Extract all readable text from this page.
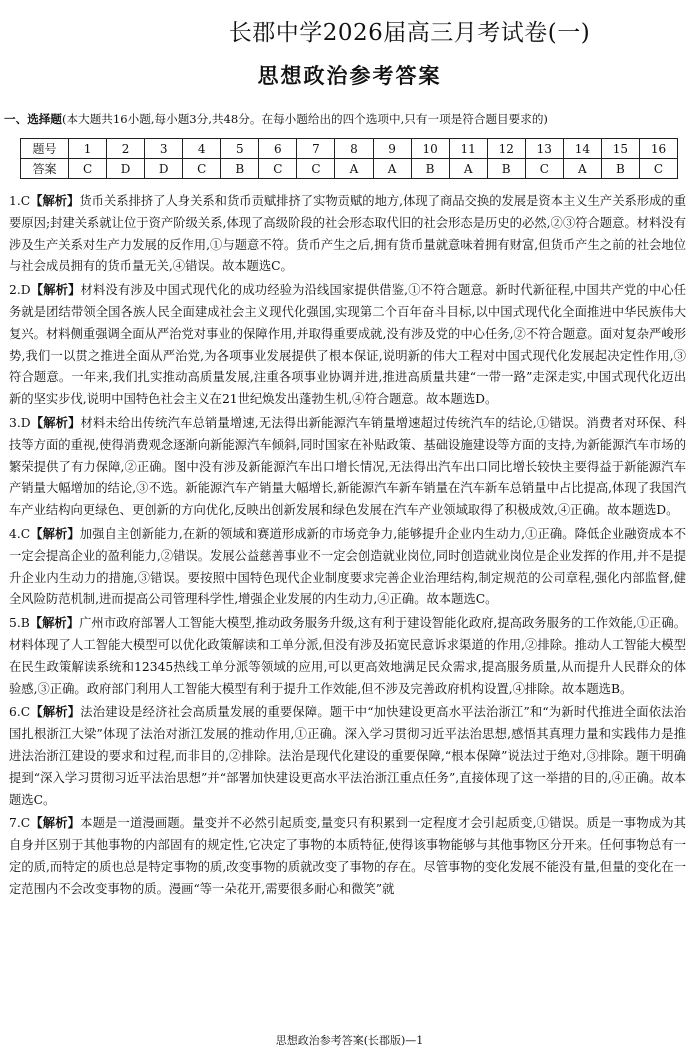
长郡中学2026届高三月考试卷(一)
思想政治参考答案
一、选择题(本大题共16小题,每小题3分,共48分。在每小题给出的四个选项中,只有一项是符合题目要求的)
题号	1	2	3	4	5	6	7	8	9	10	11	12	13	14	15	16
答案	C	D	D	C	B	C	C	A	A	B	A	B	C	A	B	C
1.C【解析】货币关系排挤了人身关系和货币贡赋排挤了实物贡赋的地方,体现了商品交换的发展是资本主义生产关系形成的重要原因;封建关系就让位于资产阶级关系,体现了高级阶段的社会形态取代旧的社会形态是历史的必然,②③符合题意。材料没有涉及生产关系对生产力发展的反作用,①与题意不符。货币产生之后,拥有货币量就意味着拥有财富,但货币产生之前的社会地位与社会成员拥有的货币量无关,④错误。故本题选C。
2.D【解析】材料没有涉及中国式现代化的成功经验为沿线国家提供借鉴,①不符合题意。新时代新征程,中国共产党的中心任务就是团结带领全国各族人民全面建成社会主义现代化强国,实现第二个百年奋斗目标,以中国式现代化全面推进中华民族伟大复兴。材料侧重强调全面从严治党对事业的保障作用,并取得重要成就,没有涉及党的中心任务,②不符合题意。面对复杂严峻形势,我们一以贯之推进全面从严治党,为各项事业发展提供了根本保证,说明新的伟大工程对中国式现代化发展起决定性作用,③符合题意。一年来,我们扎实推动高质量发展,注重各项事业协调并进,推进高质量共建“一带一路”走深走实,中国式现代化迈出新的坚实步伐,说明中国特色社会主义在21世纪焕发出蓬勃生机,④符合题意。故本题选D。
3.D【解析】材料未给出传统汽车总销量增速,无法得出新能源汽车销量增速超过传统汽车的结论,①错误。消费者对环保、科技等方面的重视,使得消费观念逐渐向新能源汽车倾斜,同时国家在补贴政策、基础设施建设等方面的支持,为新能源汽车市场的繁荣提供了有力保障,②正确。图中没有涉及新能源汽车出口增长情况,无法得出汽车出口同比增长较快主要得益于新能源汽车产销量大幅增加的结论,③不选。新能源汽车产销量大幅增长,新能源汽车新车销量在汽车新车总销量中占比提高,体现了我国汽车产业结构向更绿色、更创新的方向优化,反映出创新发展和绿色发展在汽车产业领域取得了积极成效,④正确。故本题选D。
4.C【解析】加强自主创新能力,在新的领域和赛道形成新的市场竞争力,能够提升企业内生动力,①正确。降低企业融资成本不一定会提高企业的盈利能力,②错误。发展公益慈善事业不一定会创造就业岗位,同时创造就业岗位是企业发挥的作用,并不是提升企业内生动力的措施,③错误。要按照中国特色现代企业制度要求完善企业治理结构,制定规范的公司章程,强化内部监督,健全风险防范机制,进而提高公司管理科学性,增强企业发展的内生动力,④正确。故本题选C。
5.B【解析】广州市政府部署人工智能大模型,推动政务服务升级,这有利于建设智能化政府,提高政务服务的工作效能,①正确。材料体现了人工智能大模型可以优化政策解读和工单分派,但没有涉及拓宽民意诉求渠道的作用,②排除。推动人工智能大模型在民生政策解读系统和12345热线工单分派等领域的应用,可以更高效地满足民众需求,提高服务质量,从而提升人民群众的体验感,③正确。政府部门利用人工智能大模型有利于提升工作效能,但不涉及完善政府机构设置,④排除。故本题选B。
6.C【解析】法治建设是经济社会高质量发展的重要保障。题干中“加快建设更高水平法治浙江”和“为新时代推进全面依法治国扎根浙江大梁”体现了法治对浙江发展的推动作用,①正确。深入学习贯彻习近平法治思想,感悟其真理力量和实践伟力是推进法治浙江建设的要求和过程,而非目的,②排除。法治是现代化建设的重要保障,“根本保障”说法过于绝对,③排除。题干明确提到“深入学习贯彻习近平法治思想”并“部署加快建设更高水平法治浙江重点任务”,直接体现了这一举措的目的,④正确。故本题选C。
7.C【解析】本题是一道漫画题。量变并不必然引起质变,量变只有积累到一定程度才会引起质变,①错误。质是一事物成为其自身并区别于其他事物的内部固有的规定性,它决定了事物的本质特征,使得该事物能够与其他事物区分开来。任何事物总有一定的质,而特定的质也总是特定事物的质,改变事物的质就改变了事物的存在。尽管事物的变化发展不能没有量,但量的变化在一定范围内不会改变事物的质。漫画“等一朵花开,需要很多耐心和微笑”就
思想政治参考答案(长郡版)—1
